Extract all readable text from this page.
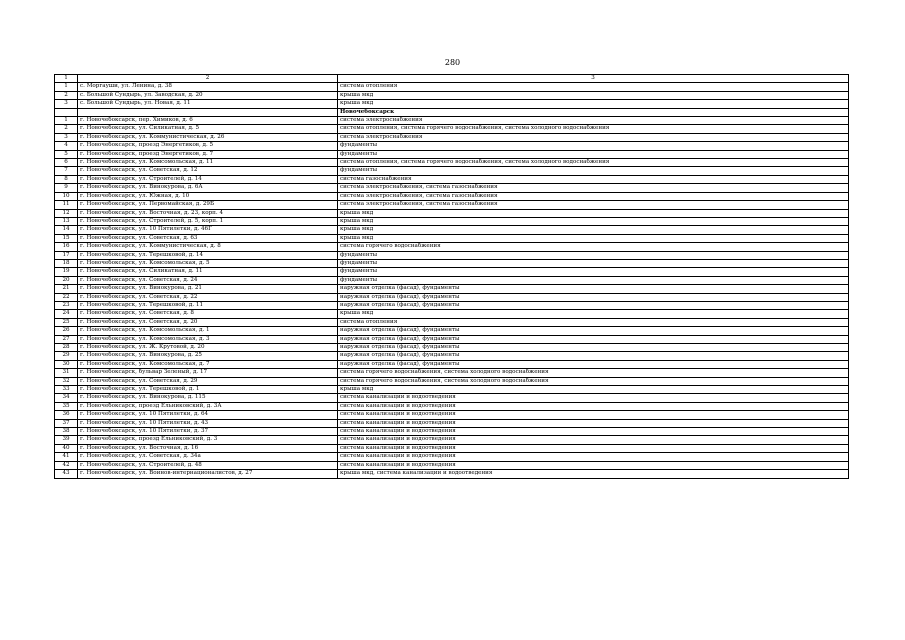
280
1	2	3
1	с. Моргауши, ул. Ленина, д. 38	система отопления
2	с. Большой Сундырь, ул. Заводская, д. 20	крыша мкд
3	с. Большой Сундырь, ул. Новая, д. 11	крыша мкд
		Новочебоксарск
1	г. Новочебоксарск, пер. Химиков, д. 6	система электроснабжения
2	г. Новочебоксарск, ул. Силикатная, д. 5	система отопления, система горячего водоснабжения, система холодного водоснабжения
3	г. Новочебоксарск, ул. Коммунистическая, д. 26	система электроснабжения
4	г. Новочебоксарск, проезд Энергетиков, д. 5	фундаменты
5	г. Новочебоксарск, проезд Энергетиков, д. 7	фундаменты
6	г. Новочебоксарск, ул. Комсомольская, д. 11	система отопления, система горячего водоснабжения, система холодного водоснабжения
7	г. Новочебоксарск, ул. Советская, д. 12	фундаменты
8	г. Новочебоксарск, ул. Строителей, д. 14	система газоснабжения
9	г. Новочебоксарск, ул. Винокурова, д. 6А	система электроснабжения, система газоснабжения
10	г. Новочебоксарск, ул. Южная, д. 10	система электроснабжения, система газоснабжения
11	г. Новочебоксарск, ул. Первомайская, д. 29Б	система электроснабжения, система газоснабжения
12	г. Новочебоксарск, ул. Восточная, д. 23, корп. 4	крыша мкд
13	г. Новочебоксарск, ул. Строителей, д. 5, корп. 1	крыша мкд
14	г. Новочебоксарск, ул. 10 Пятилетки, д. 46Г	крыша мкд
15	г. Новочебоксарск, ул. Советская, д. 63	крыша мкд
16	г. Новочебоксарск, ул. Коммунистическая, д. 8	система горячего водоснабжения
17	г. Новочебоксарск, ул. Терешковой, д. 14	фундаменты
18	г. Новочебоксарск, ул. Комсомольская, д. 5	фундаменты
19	г. Новочебоксарск, ул. Силикатная, д. 11	фундаменты
20	г. Новочебоксарск, ул. Советская, д. 24	фундаменты
21	г. Новочебоксарск, ул. Винокурова, д. 21	наружная отделка (фасад), фундаменты
22	г. Новочебоксарск, ул. Советская, д. 22	наружная отделка (фасад), фундаменты
23	г. Новочебоксарск, ул. Терешковой, д. 11	наружная отделка (фасад), фундаменты
24	г. Новочебоксарск, ул. Советская, д. 8	крыша мкд
25	г. Новочебоксарск, ул. Советская, д. 20	система отопления
26	г. Новочебоксарск, ул. Комсомольская, д. 1	наружная отделка (фасад), фундаменты
27	г. Новочебоксарск, ул. Комсомольская, д. 3	наружная отделка (фасад), фундаменты
28	г. Новочебоксарск, ул. Ж. Крутовой, д. 20	наружная отделка (фасад), фундаменты
29	г. Новочебоксарск, ул. Винокурова, д. 25	наружная отделка (фасад), фундаменты
30	г. Новочебоксарск, ул. Комсомольская, д. 7	наружная отделка (фасад), фундаменты
31	г. Новочебоксарск, бульвар Зеленый, д. 17	система горячего водоснабжения, система холодного водоснабжения
32	г. Новочебоксарск, ул. Советская, д. 29	система горячего водоснабжения, система холодного водоснабжения
33	г. Новочебоксарск, ул. Терешковой, д. 1	крыша мкд
34	г. Новочебоксарск, ул. Винокурова, д. 115	система канализации и водоотведения
35	г. Новочебоксарск, проезд Ельниковский, д. 3А	система канализации и водоотведения
36	г. Новочебоксарск, ул. 10 Пятилетки, д. 64	система канализации и водоотведения
37	г. Новочебоксарск, ул. 10 Пятилетки, д. 43	система канализации и водоотведения
38	г. Новочебоксарск, ул. 10 Пятилетки, д. 37	система канализации и водоотведения
39	г. Новочебоксарск, проезд Ельниковский, д. 3	система канализации и водоотведения
40	г. Новочебоксарск, ул. Восточная, д. 16	система канализации и водоотведения
41	г. Новочебоксарск, ул. Советская, д. 34а	система канализации и водоотведения
42	г. Новочебоксарск, ул. Строителей, д. 48	система канализации и водоотведения
43	г. Новочебоксарск, ул. Воинов-интернационалистов, д. 27	крыша мкд, система канализации и водоотведения
